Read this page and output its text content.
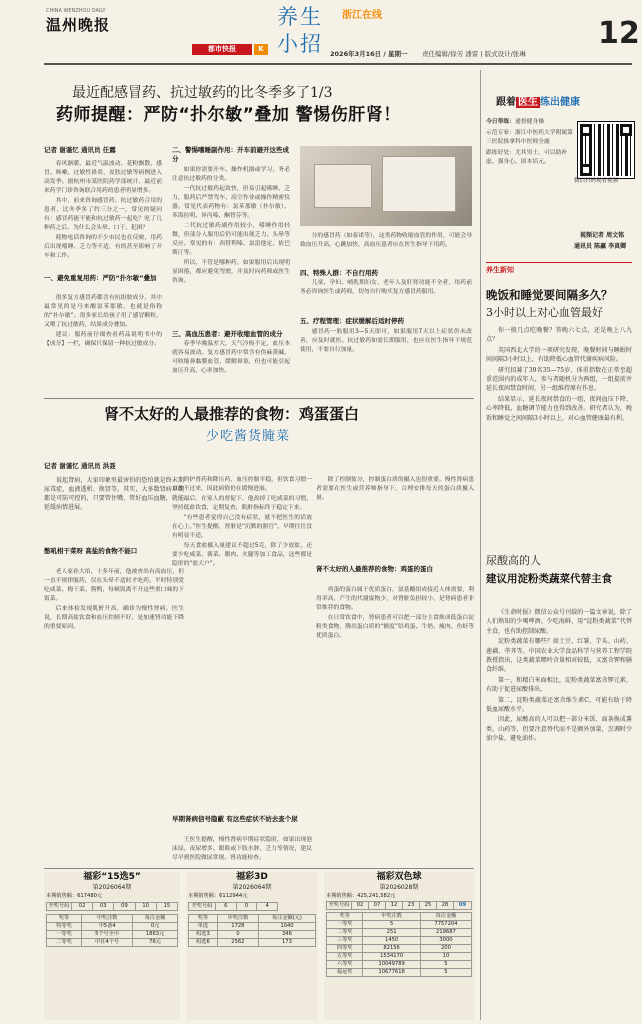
CHINA WENZHOU DAILY
温州晚报
都市快报	K
养生
小招
浙江在线
2026年3月16日 / 星期一 责任编辑/徐芳 潘雷 | 版式设计/张琳
12
最近配感冒药、抗过敏药的比冬季多了1/3
药师提醒：严防“扑尔敏”叠加 警惕伤肝肾！
记者 谢谨忆 通讯员 任露

春风渐暖，最近气温波动、花粉飘散，感冒、咳嗽、过敏性鼻炎、皮肤过敏等病例进入高发季。据杭州市某医院药学部统计，最近前来药学门诊咨询联合用药的患者明显增多。

其中，前来咨询感冒药、抗过敏药合用的患者，比冬季多了约三分之一，常见的疑问有：感冒药能不能和抗过敏药一起吃？吃了几种药之后，为什么会头晕、口干、犯困？

耗物电话咨询的不少市民也在反映，用药后出现嗜睡、乏力等不适，有的甚至影响了开车和工作。

一、避免重复用药：严防“扑尔敏”叠加

很多复方感冒药都含有抗组胺成分，其中最常见的是马来酸氯苯那敏，也就是俗称的“扑尔敏”。很多家长给孩子用了感冒颗粒，又喂了抗过敏药，结果成分叠加。

建议：服药前仔细查看药品说明书中的【成分】一栏，确保只保留一种抗过敏成分。

二、警惕嗜睡副作用：开车前避开这些成分

如果你需要开车、操作机器或学习，务必注意抗过敏药的分类。

一代抗过敏药起效快，但易引起嗜睡、乏力，服药后严禁驾车、高空作业或操作精密仪器。常见代表药物有：氯苯那敏（扑尔敏）、苯海拉明、异丙嗪、酮替芬等。

二代抗过敏药副作用较小，嗜睡作用轻微，但部分人服用后仍可能出现乏力、头晕等反应。常见的有：西替利嗪、氯雷他定、依巴斯汀等。

所以，不管是哪种药，如果服用后出现明显困倦，都应避免驾驶，并及时向药师或医生咨询。

三、高血压患者：避开收缩血管的成分

春季早晚温差大，天气冷热不定，血压本就容易波动。复方感冒药中常含有伪麻黄碱，可收缩鼻黏膜血管，缓解鼻塞，但也可能引起血压升高、心率加快。

分的感冒药（如泰诺等），这类药物收缩血管的作用，可能会导致血压升高，心跳加快，高血压患者应在医生指导下用药。

四、特殊人群：不自行用药

儿童、孕妇、哺乳期妇女、老年人及肝肾功能不全者，用药前务必咨询医生或药师，切勿自行购买复方感冒药服用。

五、疗程管理：症状缓解后适时停药

感冒药一般服用3—5天即可，如果服用7天以上症状仍未改善，应及时就医。抗过敏药如需长期服用，也应在医生指导下规范使用，不要自行加量。

跟着 医生 练出健康
今日带练：通督健身操
示范专家：浙江中医药大学附属第三医院推拿科中医师全鹿
跟练好处：尤其男士，可以助补虚、强身心、固本培元。
微信扫码观看视频
视频记者 周文铭
通讯员 陈赢 李真卿
养生新知
晚饭和睡觉要间隔多久？
3小时以上对心血管最好

你一般几点吃晚餐？答晚六七点，还是晚上八九点？

英国西北大学的一项研究发现，晚餐时间与睡眠时间间隔3小时以上，有助降低心血管代谢疾病风险。

研究招募了39名35—75岁、体重指数在正常至超重范围内的成年人，参与者随机分为两组，一组提前并延长夜间禁食时间，另一组维持原有作息。

结果显示，延长夜间禁食的一组，夜间血压下降、心率降低，血糖调节能力也得到改善。研究者认为，晚饭和睡觉之间间隔3小时以上，对心血管健康最有利。

尿酸高的人
建议用淀粉类蔬菜代替主食

《生命时报》微信公众号刊载的一篇文章说，除了人们熟知的少喝啤酒、少吃海鲜，用“淀粉类蔬菜”代替主食，也有助控制尿酸。

淀粉类蔬菜有哪些？如土豆、红薯、芋头、山药、莲藕、荸荠等。中国农业大学食品科学与营养工程学院教授指出，这类蔬菜嘌呤含量相对较低，又富含钾和膳食纤维。

第一，和精白米面相比，淀粉类蔬菜富含钾元素，有助于促进尿酸排出。

第二，淀粉类蔬菜还富含维生素C，可能有助于降低血尿酸水平。

因此，尿酸高的人可以把一部分米饭、面条换成薯类、山药等，但要注意替代而不是额外加量，烹调时少油少盐，避免油炸。

肾不太好的人最推荐的食物：鸡蛋蛋白
少吃酱货腌菜
记者 谢谨忆 通讯员 洪聂

说起肾病，大家印象里最害怕的恐怕就是终末期尿毒症、血液透析、换肾等。其实，大多数肾病早期都是可防可控的，只要管住嘴、管好血压血糖，就能延缓病情进展。

憋吼相干菜呀 高盐的食物不能口

老人家孙大伯，十多年前，他被查出有高血压，但一直不规律服药，仅在头晕不适时才吃药。平时特别爱吃咸菜、梅干菜、酱鸭，每顿饭离不开这些重口味的下饭菜。

后来体检发现肌酐升高，确诊为慢性肾病。医生说，长期高盐饮食和血压控制不好，是加速肾功能下降的重要原因。

的护肾药和降压药，血压控制平稳，但饮食习惯一直改不过来，因此病情仍在缓慢进展。

最后，在家人的督促下，他改掉了吃咸菜的习惯，坚持低盐饮食，定期复查，肌酐指标终于稳定下来。

“有些患者觉得自己没有症状，就不把医生的话放在心上。”医生提醒，肾脏是“沉默的器官”，早期往往没有明显不适。

每天食盐摄入量建议不超过5克，除了少放盐，还要少吃咸菜、酱菜、腊肉、火腿等加工食品，这些都是隐形的“盐大户”。

早期肾病信号隐蔽 有这些症状不妨去查个尿

王医生提醒，慢性肾病早期症状隐匿，如果出现泡沫尿、夜尿增多、眼睑或下肢水肿、乏力等情况，建议尽早到医院做尿常规、肾功能检查。

除了控制盐分，控制蛋白质的摄入也很重要。慢性肾病患者需要在医生或营养师指导下，合理安排每天的蛋白质摄入量。

肾不太好的人最推荐的食物：鸡蛋的蛋白

鸡蛋的蛋白属于优质蛋白，氨基酸组成接近人体需要，利用率高，产生的代谢废物少，对肾脏负担较小，是肾病患者非常推荐的食物。

在日常饮食中，肾病患者可以把一部分主食换成低蛋白淀粉类食物，腾出蛋白质的“额度”给鸡蛋、牛奶、瘦肉、鱼虾等优质蛋白。

福彩“15选5”
第2026064期
本期销售额：617480元
开奖号码	02	03	09	10	15
奖等	中奖注数	每注金额
特等奖	中5备4	0元
一等奖	5个号全中	1863元
二等奖	中任4个号	76元
福彩3D
第2026064期
本期销售额：6112944元
开奖号码	6	0	4
奖等	中奖注数	每注金额(元)
单选	1728	1040
组选3	0	346
组选6	2562	173
福彩双色球
第2026028期
本期销售额：425,241,582元
开奖号码	02	07	12	23	25	28	09
奖等	中奖注数	每注金额
一等奖	5	7757204
二等奖	251	219687
三等奖	1450	3000
四等奖	82156	200
五等奖	1534170	10
六等奖	10049789	5
福运奖	10677618	5
